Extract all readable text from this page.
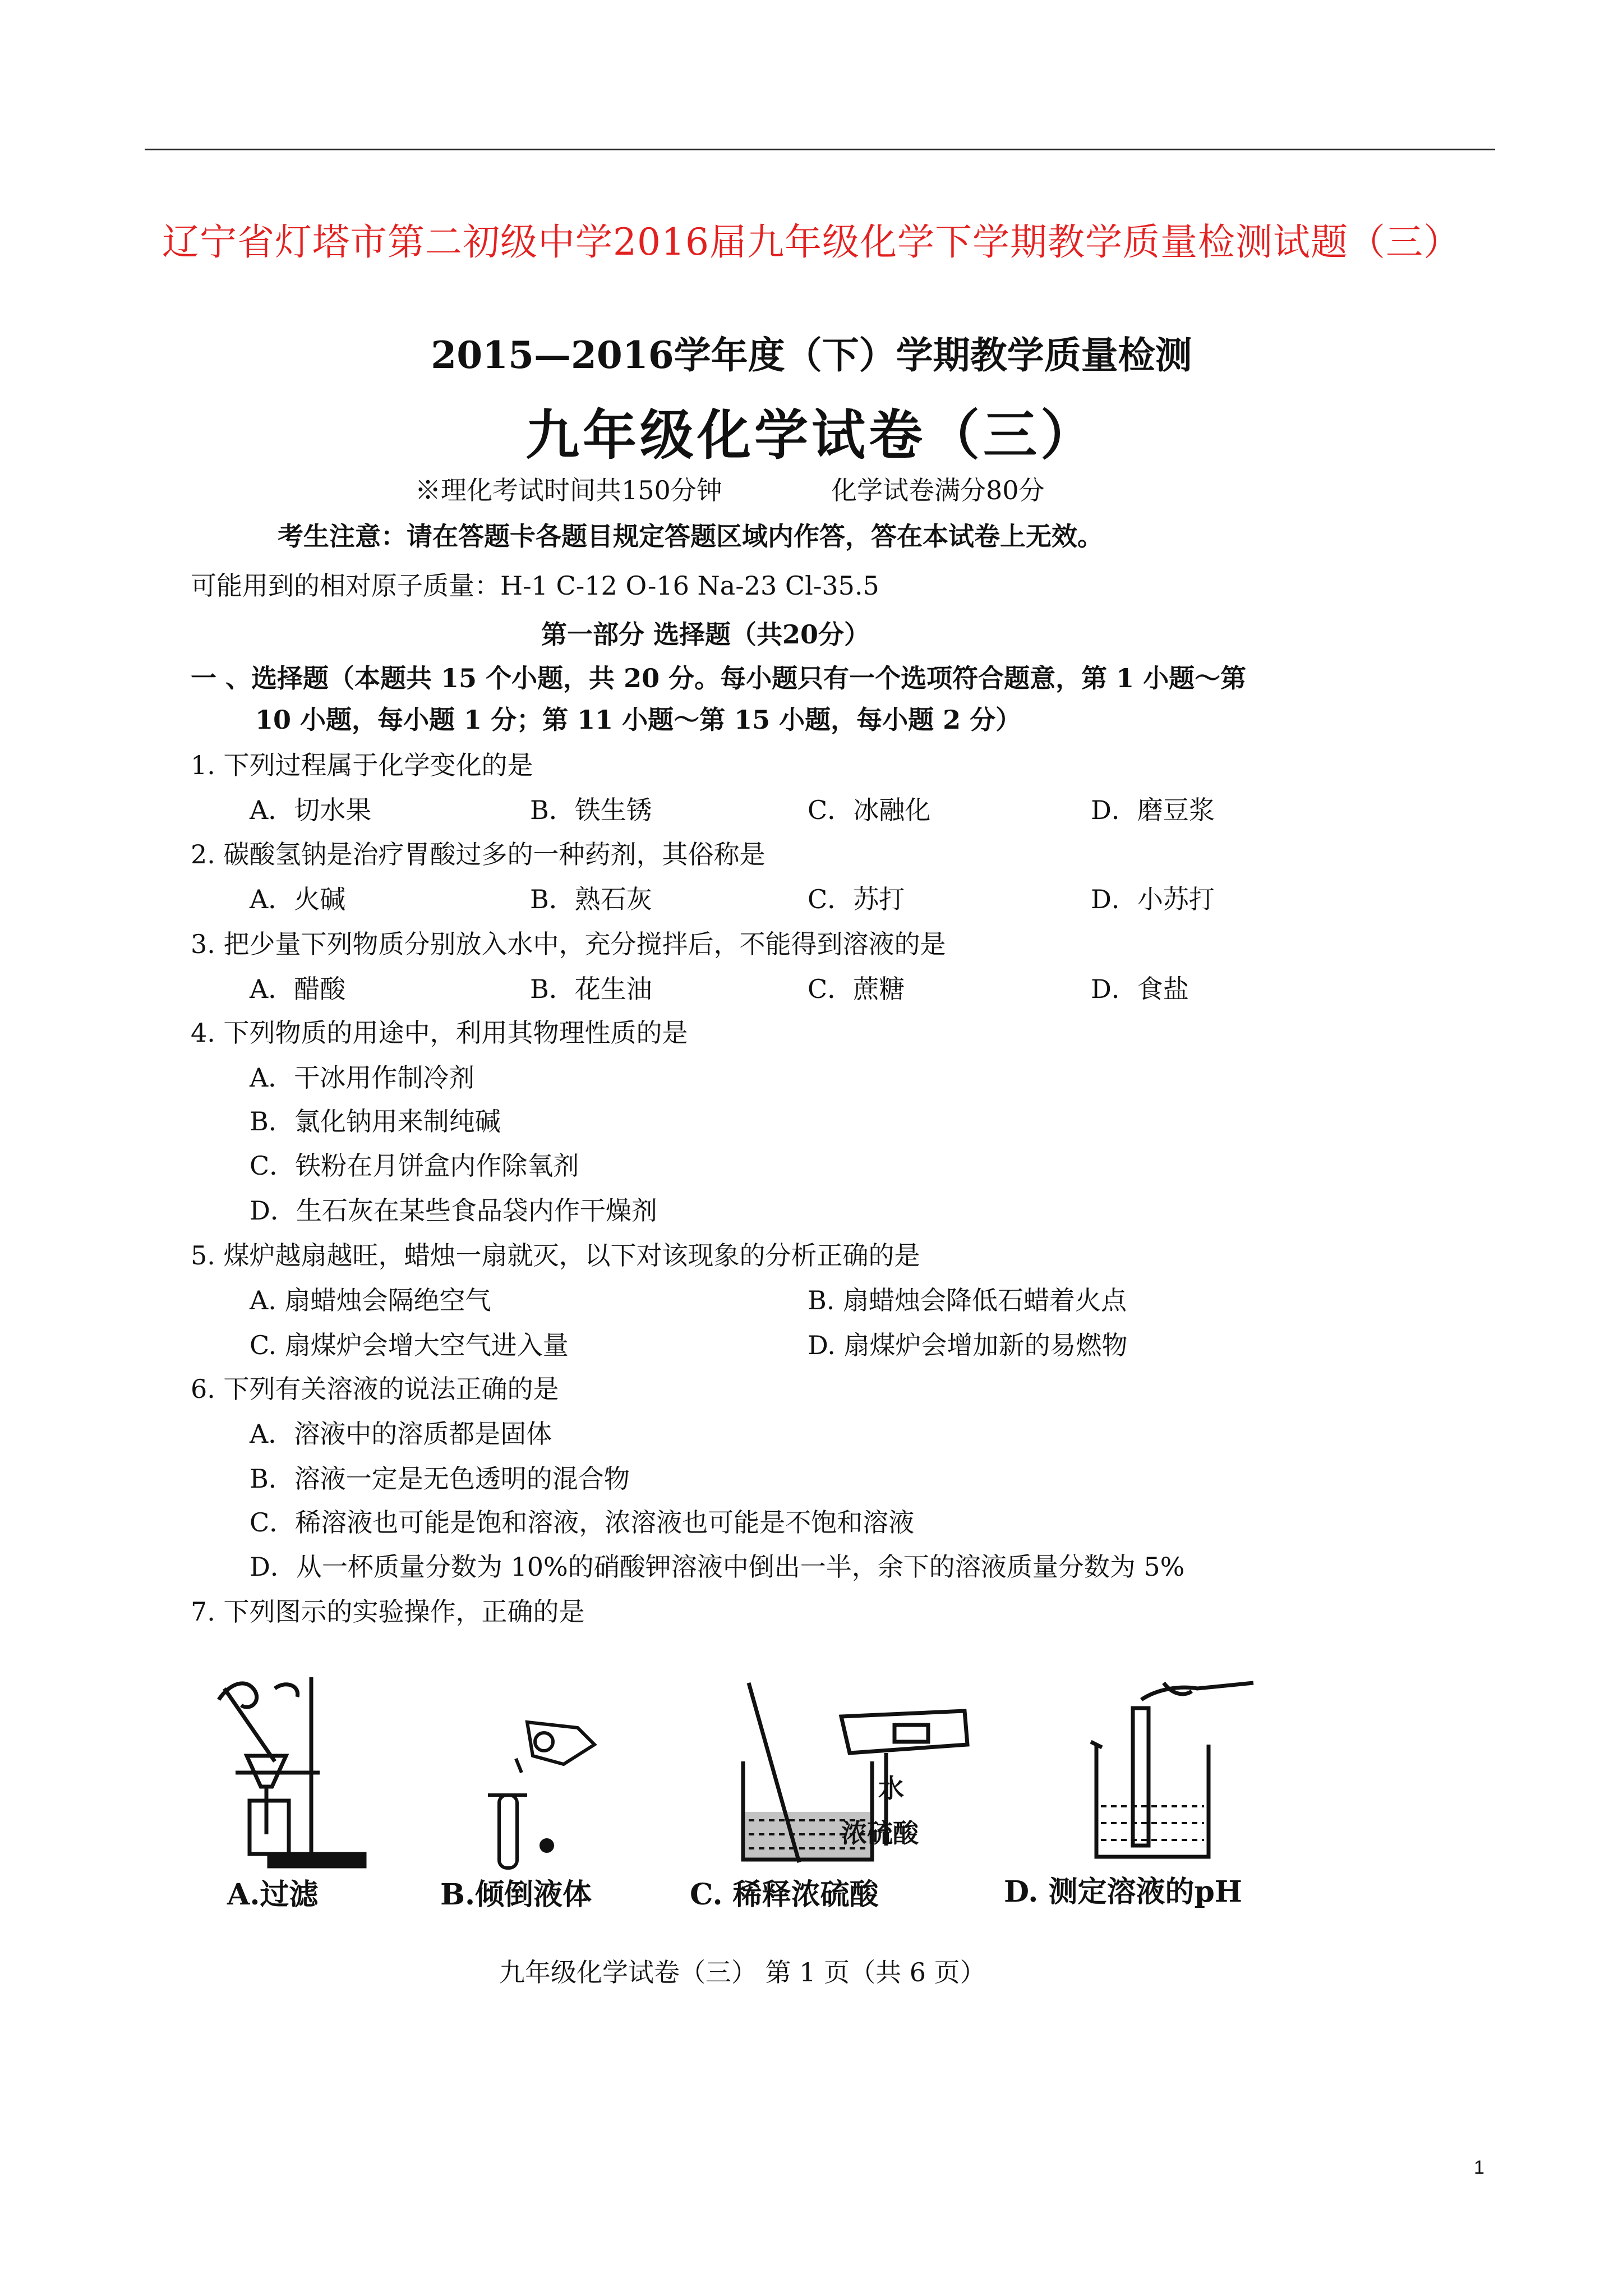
辽宁省灯塔市第二初级中学2016届九年级化学下学期教学质量检测试题（三）
2015—2016学年度（下）学期教学质量检测
九年级化学试卷（三）
※理化考试时间共150分钟	化学试卷满分80分
考生注意：请在答题卡各题目规定答题区域内作答，答在本试卷上无效。
可能用到的相对原子质量：H-1 C-12 O-16 Na-23 Cl-35.5
第一部分 选择题（共20分）
一 、选择题（本题共 15 个小题，共 20 分。每小题只有一个选项符合题意，第 1 小题～第
10 小题，每小题 1 分；第 11 小题～第 15 小题，每小题 2 分）
1. 下列过程属于化学变化的是
A．切水果	B．铁生锈	C．冰融化	D．磨豆浆
2. 碳酸氢钠是治疗胃酸过多的一种药剂，其俗称是
A．火碱	B．熟石灰	C．苏打	D．小苏打
3. 把少量下列物质分别放入水中，充分搅拌后，不能得到溶液的是
A．醋酸	B．花生油	C．蔗糖	D．食盐
4. 下列物质的用途中，利用其物理性质的是
A．干冰用作制冷剂
B．氯化钠用来制纯碱
C．铁粉在月饼盒内作除氧剂
D．生石灰在某些食品袋内作干燥剂
5. 煤炉越扇越旺，蜡烛一扇就灭，以下对该现象的分析正确的是
A. 扇蜡烛会隔绝空气	B. 扇蜡烛会降低石蜡着火点
C. 扇煤炉会增大空气进入量	D. 扇煤炉会增加新的易燃物
6. 下列有关溶液的说法正确的是
A．溶液中的溶质都是固体
B．溶液一定是无色透明的混合物
C．稀溶液也可能是饱和溶液，浓溶液也可能是不饱和溶液
D．从一杯质量分数为 10%的硝酸钾溶液中倒出一半，余下的溶液质量分数为 5%
7. 下列图示的实验操作，正确的是
水
浓硫酸
A.过滤	B.倾倒液体	C. 稀释浓硫酸	D. 测定溶液的pH
九年级化学试卷（三） 第 1 页（共 6 页）
1
